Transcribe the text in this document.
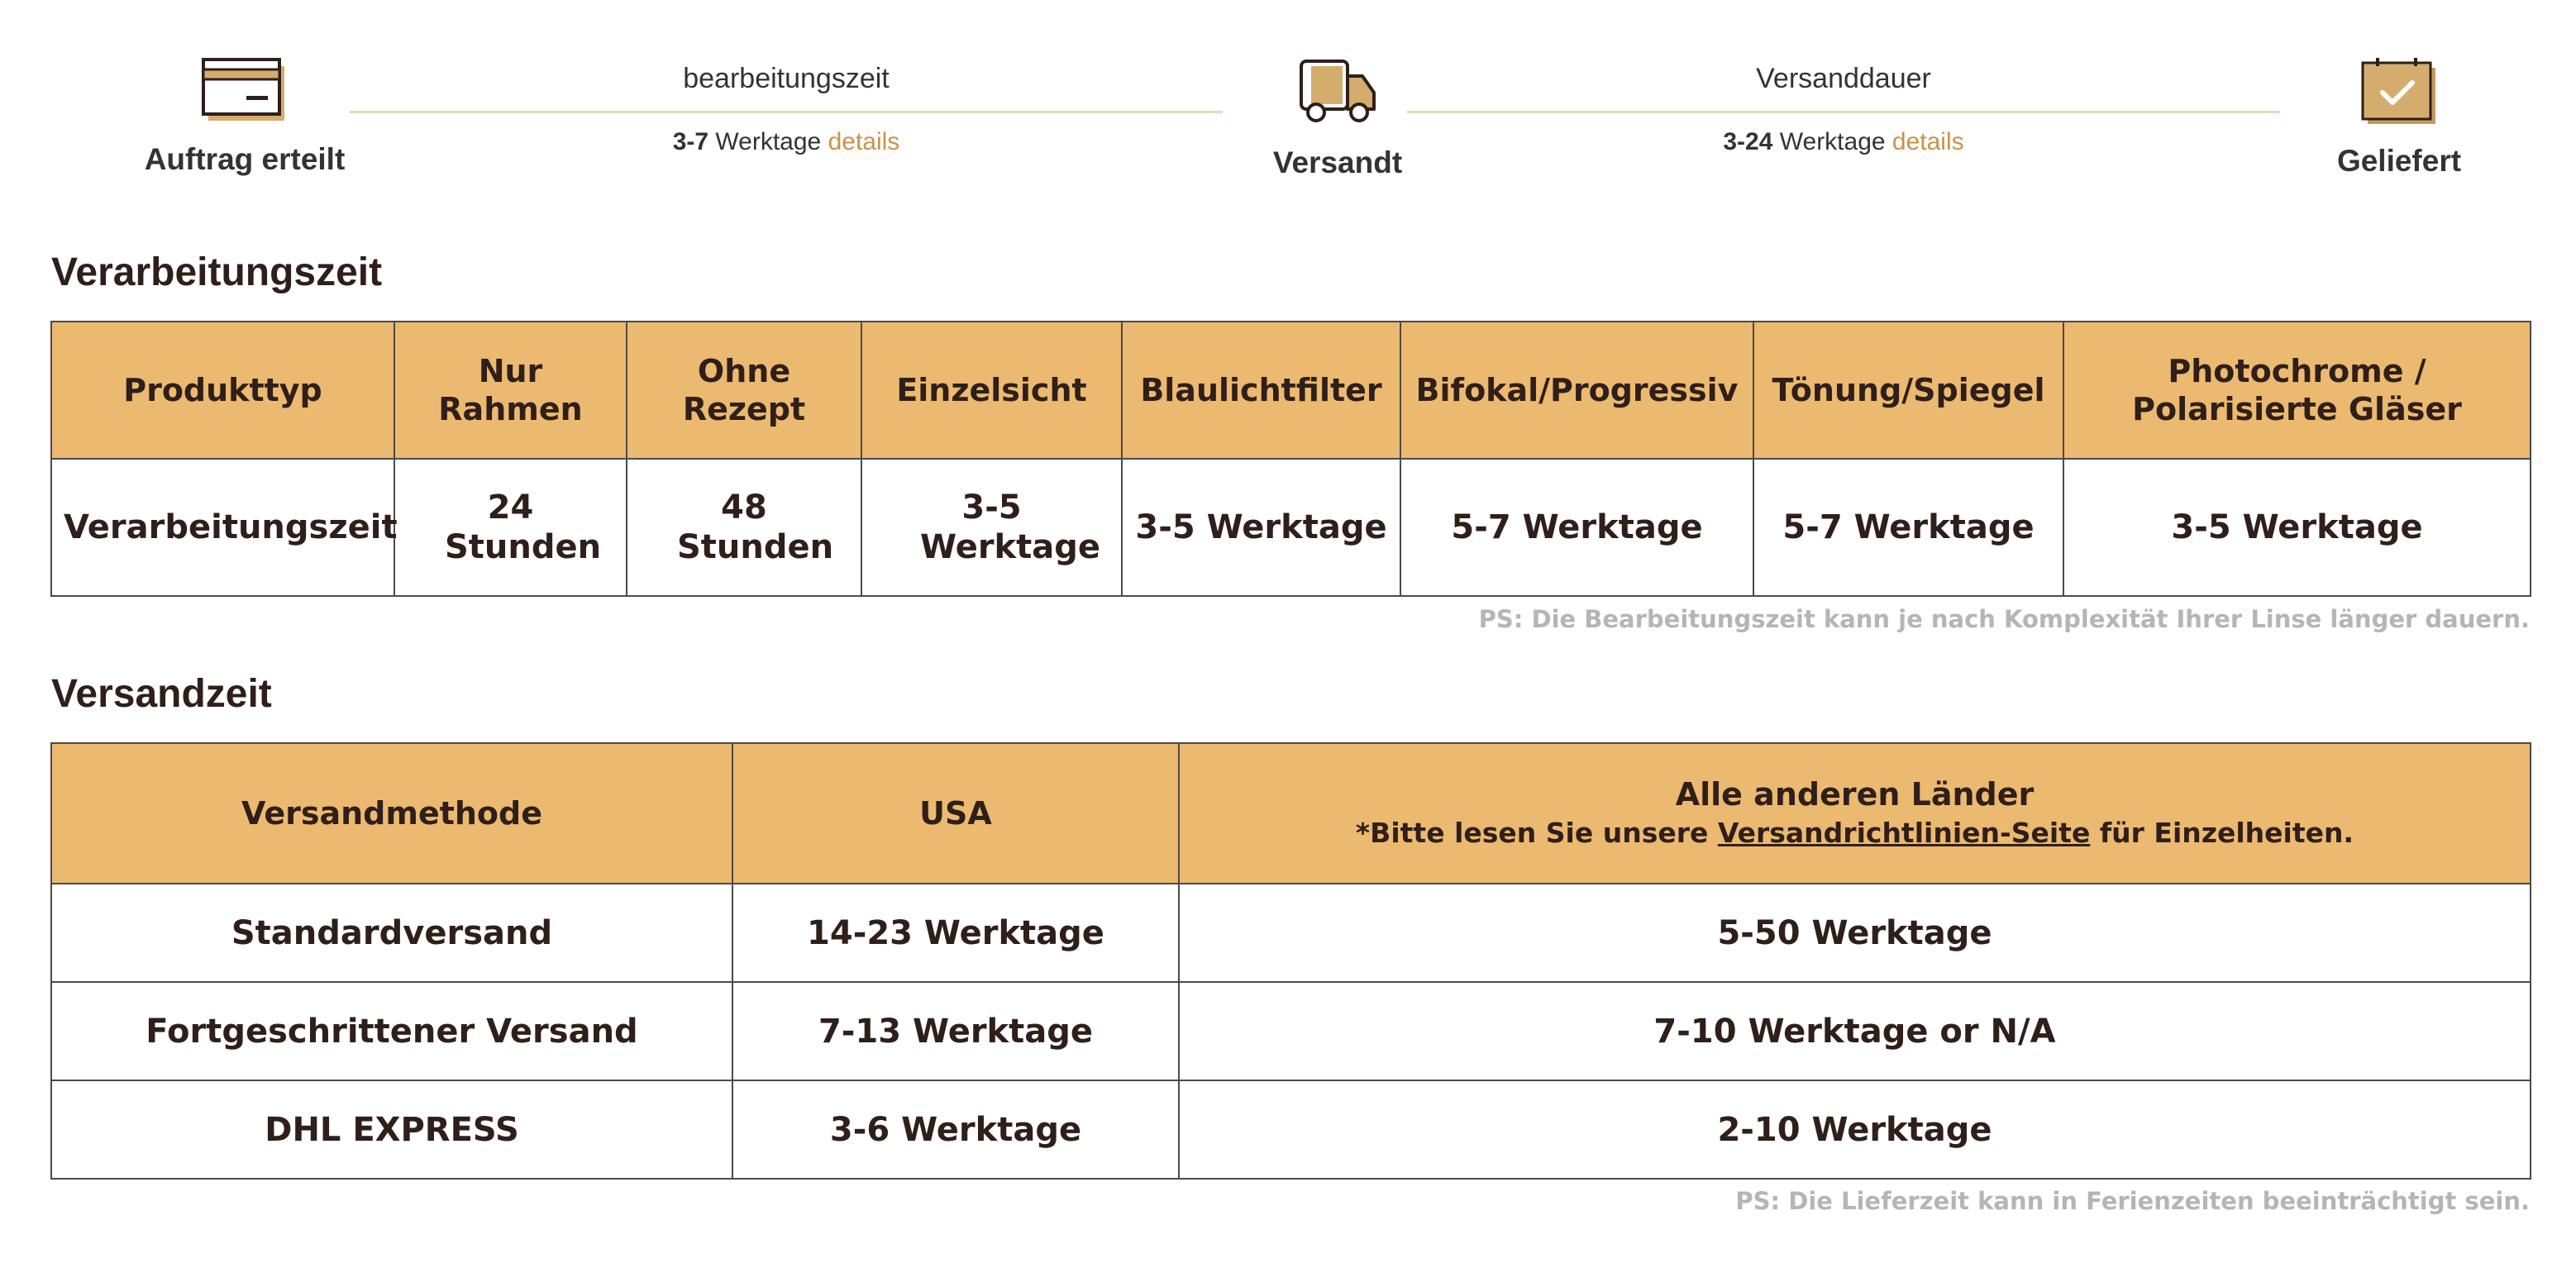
Auftrag erteilt
bearbeitungszeit
3-7 Werktage details
Versandt
Versanddauer
3-24 Werktage details
Geliefert
Verarbeitungszeit
Produkttyp	Nur Rahmen	Ohne Rezept	Einzelsicht	Blaulichtfilter	Bifokal/Progressiv	Tönung/Spiegel	Photochrome / Polarisierte Gläser
Verarbeitungszeit	24 Stunden	48 Stunden	3-5 Werktage	3-5 Werktage	5-7 Werktage	5-7 Werktage	3-5 Werktage
PS: Die Bearbeitungszeit kann je nach Komplexität Ihrer Linse länger dauern.
Versandzeit
Versandmethode	USA	Alle anderen Länder
*Bitte lesen Sie unsere Versandrichtlinien-Seite für Einzelheiten.

Standardversand	14-23 Werktage	5-50 Werktage
Fortgeschrittener Versand	7-13 Werktage	7-10 Werktage or N/A
DHL EXPRESS	3-6 Werktage	2-10 Werktage
PS: Die Lieferzeit kann in Ferienzeiten beeinträchtigt sein.
